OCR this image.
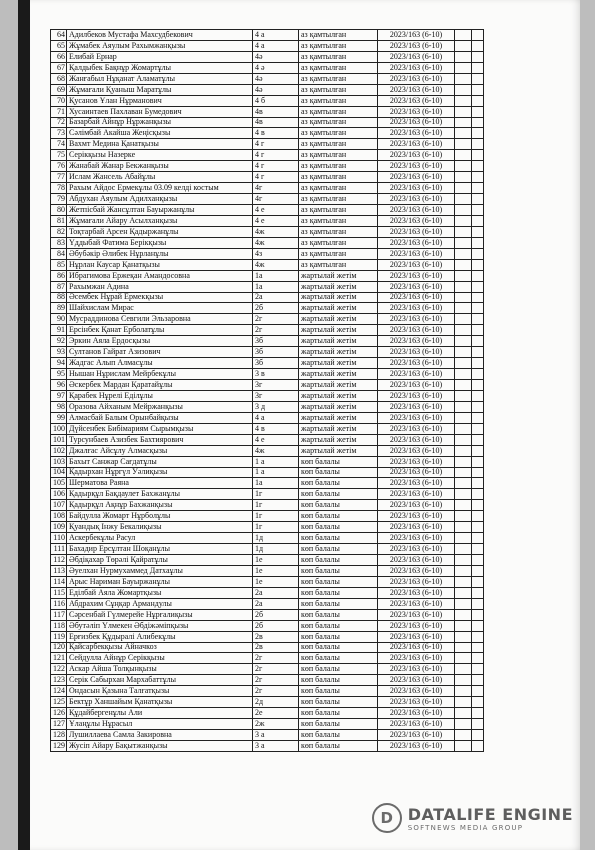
64	Адилбеков Мустафа Махсудбекович	4 а	аз қамтылған	2023/163 (6-10)		
65	Жұмабек Аяулым Рахымжанқызы	4 а	аз қамтылған	2023/163 (6-10)		
66	Елибай Ернар	4ә	аз қамтылған	2023/163 (6-10)		
67	Қалдыбек Бақнұр Жомартұлы	4 ә	аз қамтылған	2023/163 (6-10)		
68	Жанғабыл Нұқанат Аламатұлы	4ә	аз қамтылған	2023/163 (6-10)		
69	Жұмағали Қуаныш Маратұлы	4ә	аз қамтылған	2023/163 (6-10)		
70	Қусанов Ұлан Нұрманович	4 б	аз қамтылған	2023/163 (6-10)		
71	Хусаинтаев Пахлаван Бумедович	4в	аз қамтылған	2023/163 (6-10)		
72	Базарбай Айнұр Нұржанқызы	4в	аз қамтылған	2023/163 (6-10)		
73	Сәлімбай Акайша Жеңісқызы	4 в	аз қамтылған	2023/163 (6-10)		
74	Вахмт Медина Қанатқызы	4 г	аз қамтылған	2023/163 (6-10)		
75	Серікқызы Назерке	4 г	аз қамтылған	2023/163 (6-10)		
76	Жанабай Жанар Бекжанқызы	4 г	аз қамтылған	2023/163 (6-10)		
77	Ислам Жансель Абайұлы	4 г	аз қамтылған	2023/163 (6-10)		
78	Рахым Айдос Ермекұлы 03.09 келді костым	4г	аз қамтылған	2023/163 (6-10)		
79	Абдухан Аяулым Адилханқызы	4г	аз қамтылған	2023/163 (6-10)		
80	Жетпісбай Жансұлтан Бауыржанұлы	4 е	аз қамтылған	2023/163 (6-10)		
81	Жұмағали Айару Асылханқызы	4 е	аз қамтылған	2023/163 (6-10)		
82	Тоқтарбай Арсен Қадыржанұлы	4ж	аз қамтылған	2023/163 (6-10)		
83	Үддыбай Фатима Берікқызы	4ж	аз қамтылған	2023/163 (6-10)		
84	Әбубәкір Әлибек Нұрланұлы	4з	аз қамтылған	2023/163 (6-10)		
85	Нұрлан Каусар Қанатқызы	4ж	аз қамтылған	2023/163 (6-10)		
86	Ибрагимова Ержеқан Амандосовна	1а	жартылай жетім	2023/163 (6-10)		
87	Рахымжан Адина	1а	жартылай жетім	2023/163 (6-10)		
88	Әсембек Нұрай Ермекқызы	2а	жартылай жетім	2023/163 (6-10)		
89	Шайхислам Мирас	2б	жартылай жетім	2023/163 (6-10)		
90	Мусраддинова Севгили Эльзаровна	2г	жартылай жетім	2023/163 (6-10)		
91	Ерсінбек Қанат Ерболатұлы	2г	жартылай жетім	2023/163 (6-10)		
92	Эркин Аяла Ердосқызы	3б	жартылай жетім	2023/163 (6-10)		
93	Султанов Гайрат Азизович	3б	жартылай жетім	2023/163 (6-10)		
94	Жадгас Алып Алмасұлы	3б	жартылай жетім	2023/163 (6-10)		
95	Нышан Нұрислам Мейрбекұлы	3 в	жартылай жетім	2023/163 (6-10)		
96	Әскербек Мардан Қаратайұлы	3г	жартылай жетім	2023/163 (6-10)		
97	Қарабек Нұрелі Еділұлы	3г	жартылай жетім	2023/163 (6-10)		
98	Оразова Айханым Мейржанқызы	3 д	жартылай жетім	2023/163 (6-10)		
99	Алмасбай Балым Орынбайқызы	4 а	жартылай жетім	2023/163 (6-10)		
100	Дүйсенбек Бибімариям Сырымқызы	4 в	жартылай жетім	2023/163 (6-10)		
101	Турсунбаев Азизбек Бахтиярович	4 е	жартылай жетім	2023/163 (6-10)		
102	Джалғас Айсұлу Алмасқызы	4ж	жартылай жетім	2023/163 (6-10)		
103	Бахыт Санжар Сағдатұлы	1 а	көп балалы	2023/163 (6-10)		
104	Қадырхан Нұргүл Уәлиқызы	1 а	көп балалы	2023/163 (6-10)		
105	Шерматова Раяна	1а	көп балалы	2023/163 (6-10)		
106	Қадырқұл Бақдаулет Бахжанұлы	1г	көп балалы	2023/163 (6-10)		
107	Қадырқұл Ақнұр Бахжанқызы	1г	көп балалы	2023/163 (6-10)		
108	Байдулла Жомарт Нұрболұлы	1г	көп балалы	2023/163 (6-10)		
109	Қуандық Інжу Бекалиқызы	1г	көп балалы	2023/163 (6-10)		
110	Аскербекұлы Расул	1д	көп балалы	2023/163 (6-10)		
111	Бахадир Ерсұлтан Шоқанұлы	1д	көп балалы	2023/163 (6-10)		
112	Әбдіқахар Төрәлі Қайратұлы	1е	көп балалы	2023/163 (6-10)		
113	Әуелхан Нурмухаммед Датхаұлы	1е	көп балалы	2023/163 (6-10)		
114	Арыс Нариман Бауыржанұлы	1е	көп балалы	2023/163 (6-10)		
115	Еділбай Аяла Жомартқызы	2а	көп балалы	2023/163 (6-10)		
116	Абдрахим Сұңқар Армандулы	2а	көп балалы	2023/163 (6-10)		
117	Сәрсенбай Гүлмерейе Нұрғалиқызы	2б	көп балалы	2023/163 (6-10)		
118	Әбутәліп Үлмекен Әбдіжәміпқызы	2б	көп балалы	2023/163 (6-10)		
119	Ерғизбек Құдыралі Алибекұлы	2в	көп балалы	2023/163 (6-10)		
120	Қайсарбекқызы Айначкоз	2в	көп балалы	2023/163 (6-10)		
121	Сейдулла Айнұр Серікқызы	2г	көп балалы	2023/163 (6-10)		
122	Аскар Айша Толқынқызы	2г	көп балалы	2023/163 (6-10)		
123	Серік Сабырхан Мархабаттұлы	2г	көп балалы	2023/163 (6-10)		
124	Ондасын Қазына Талғатқызы	2г	көп балалы	2023/163 (6-10)		
125	Бектұр Ханшайым Қанатқызы	2д	көп балалы	2023/163 (6-10)		
126	Құдайбергенұлы Али	2е	көп балалы	2023/163 (6-10)		
127	Ұлаңұлы Нұрасыл	2ж	көп балалы	2023/163 (6-10)		
128	Лушиллаева Самла Закировна	3 а	көп балалы	2023/163 (6-10)		
129	Жусіп Айару Бақытжанқызы	3 а	көп балалы	2023/163 (6-10)		
D DATALIFE ENGINE
SOFTNEWS MEDIA GROUP
